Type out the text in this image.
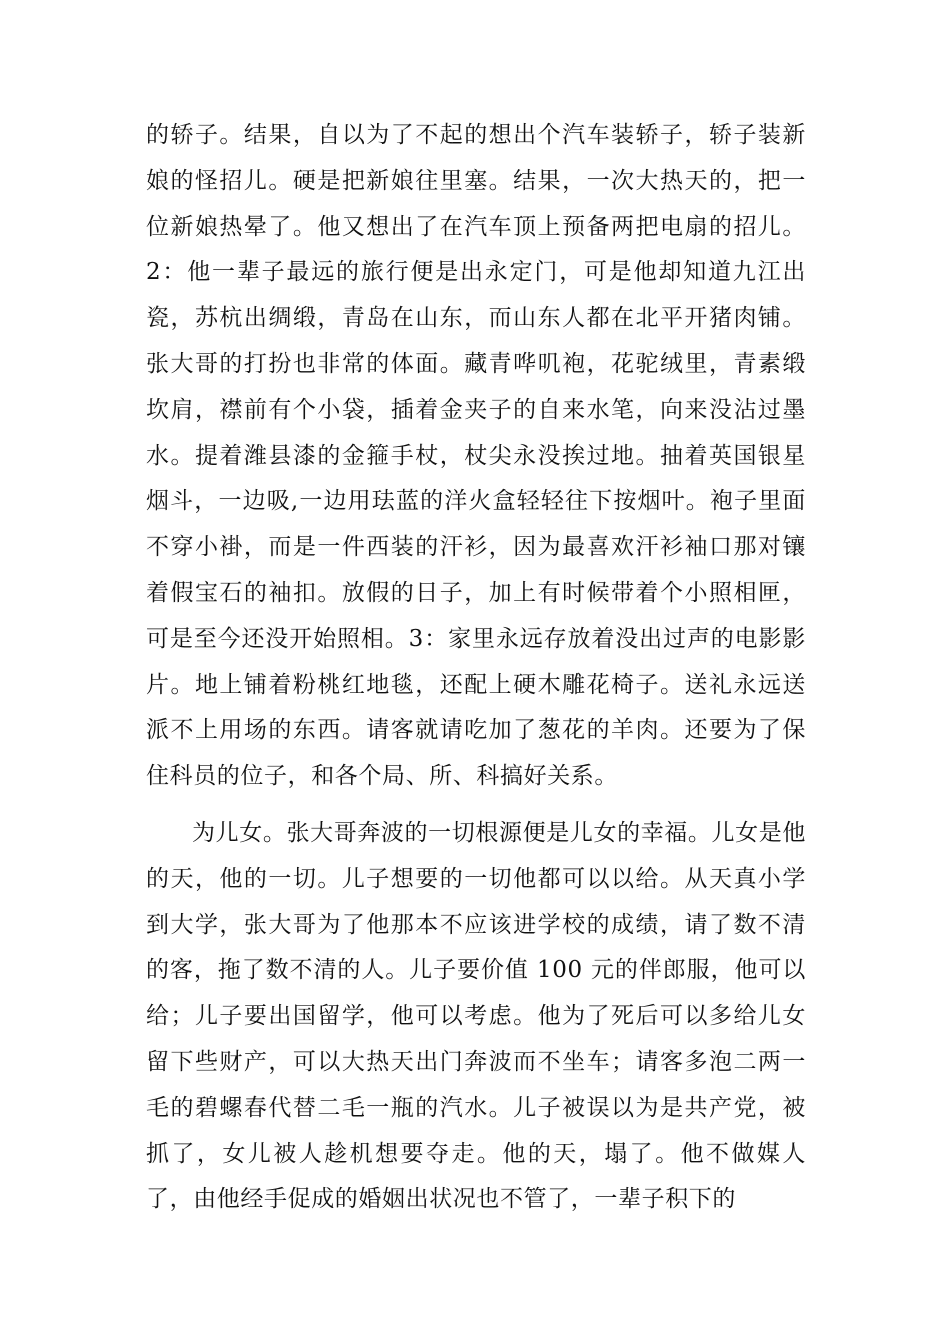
的轿子。结果，自以为了不起的想出个汽车装轿子，轿子装新娘的怪招儿。硬是把新娘往里塞。结果，一次大热天的，把一位新娘热晕了。他又想出了在汽车顶上预备两把电扇的招儿。2：他一辈子最远的旅行便是出永定门，可是他却知道九江出瓷，苏杭出绸缎，青岛在山东，而山东人都在北平开猪肉铺。张大哥的打扮也非常的体面。藏青哗叽袍，花驼绒里，青素缎坎肩，襟前有个小袋，插着金夹子的自来水笔，向来没沾过墨水。提着潍县漆的金箍手杖，杖尖永没挨过地。抽着英国银星烟斗，一边吸,一边用珐蓝的洋火盒轻轻往下按烟叶。袍子里面不穿小褂，而是一件西装的汗衫，因为最喜欢汗衫袖口那对镶着假宝石的袖扣。放假的日子，加上有时候带着个小照相匣，可是至今还没开始照相。3：家里永远存放着没出过声的电影影片。地上铺着粉桃红地毯，还配上硬木雕花椅子。送礼永远送派不上用场的东西。请客就请吃加了葱花的羊肉。还要为了保住科员的位子，和各个局、所、科搞好关系。

为儿女。张大哥奔波的一切根源便是儿女的幸福。儿女是他的天，他的一切。儿子想要的一切他都可以以给。从天真小学到大学，张大哥为了他那本不应该进学校的成绩，请了数不清的客，拖了数不清的人。儿子要价值 100 元的伴郎服，他可以给；儿子要出国留学，他可以考虑。他为了死后可以多给儿女留下些财产，可以大热天出门奔波而不坐车；请客多泡二两一毛的碧螺春代替二毛一瓶的汽水。儿子被误以为是共产党，被抓了，女儿被人趁机想要夺走。他的天，塌了。他不做媒人了，由他经手促成的婚姻出状况也不管了，一辈子积下的
